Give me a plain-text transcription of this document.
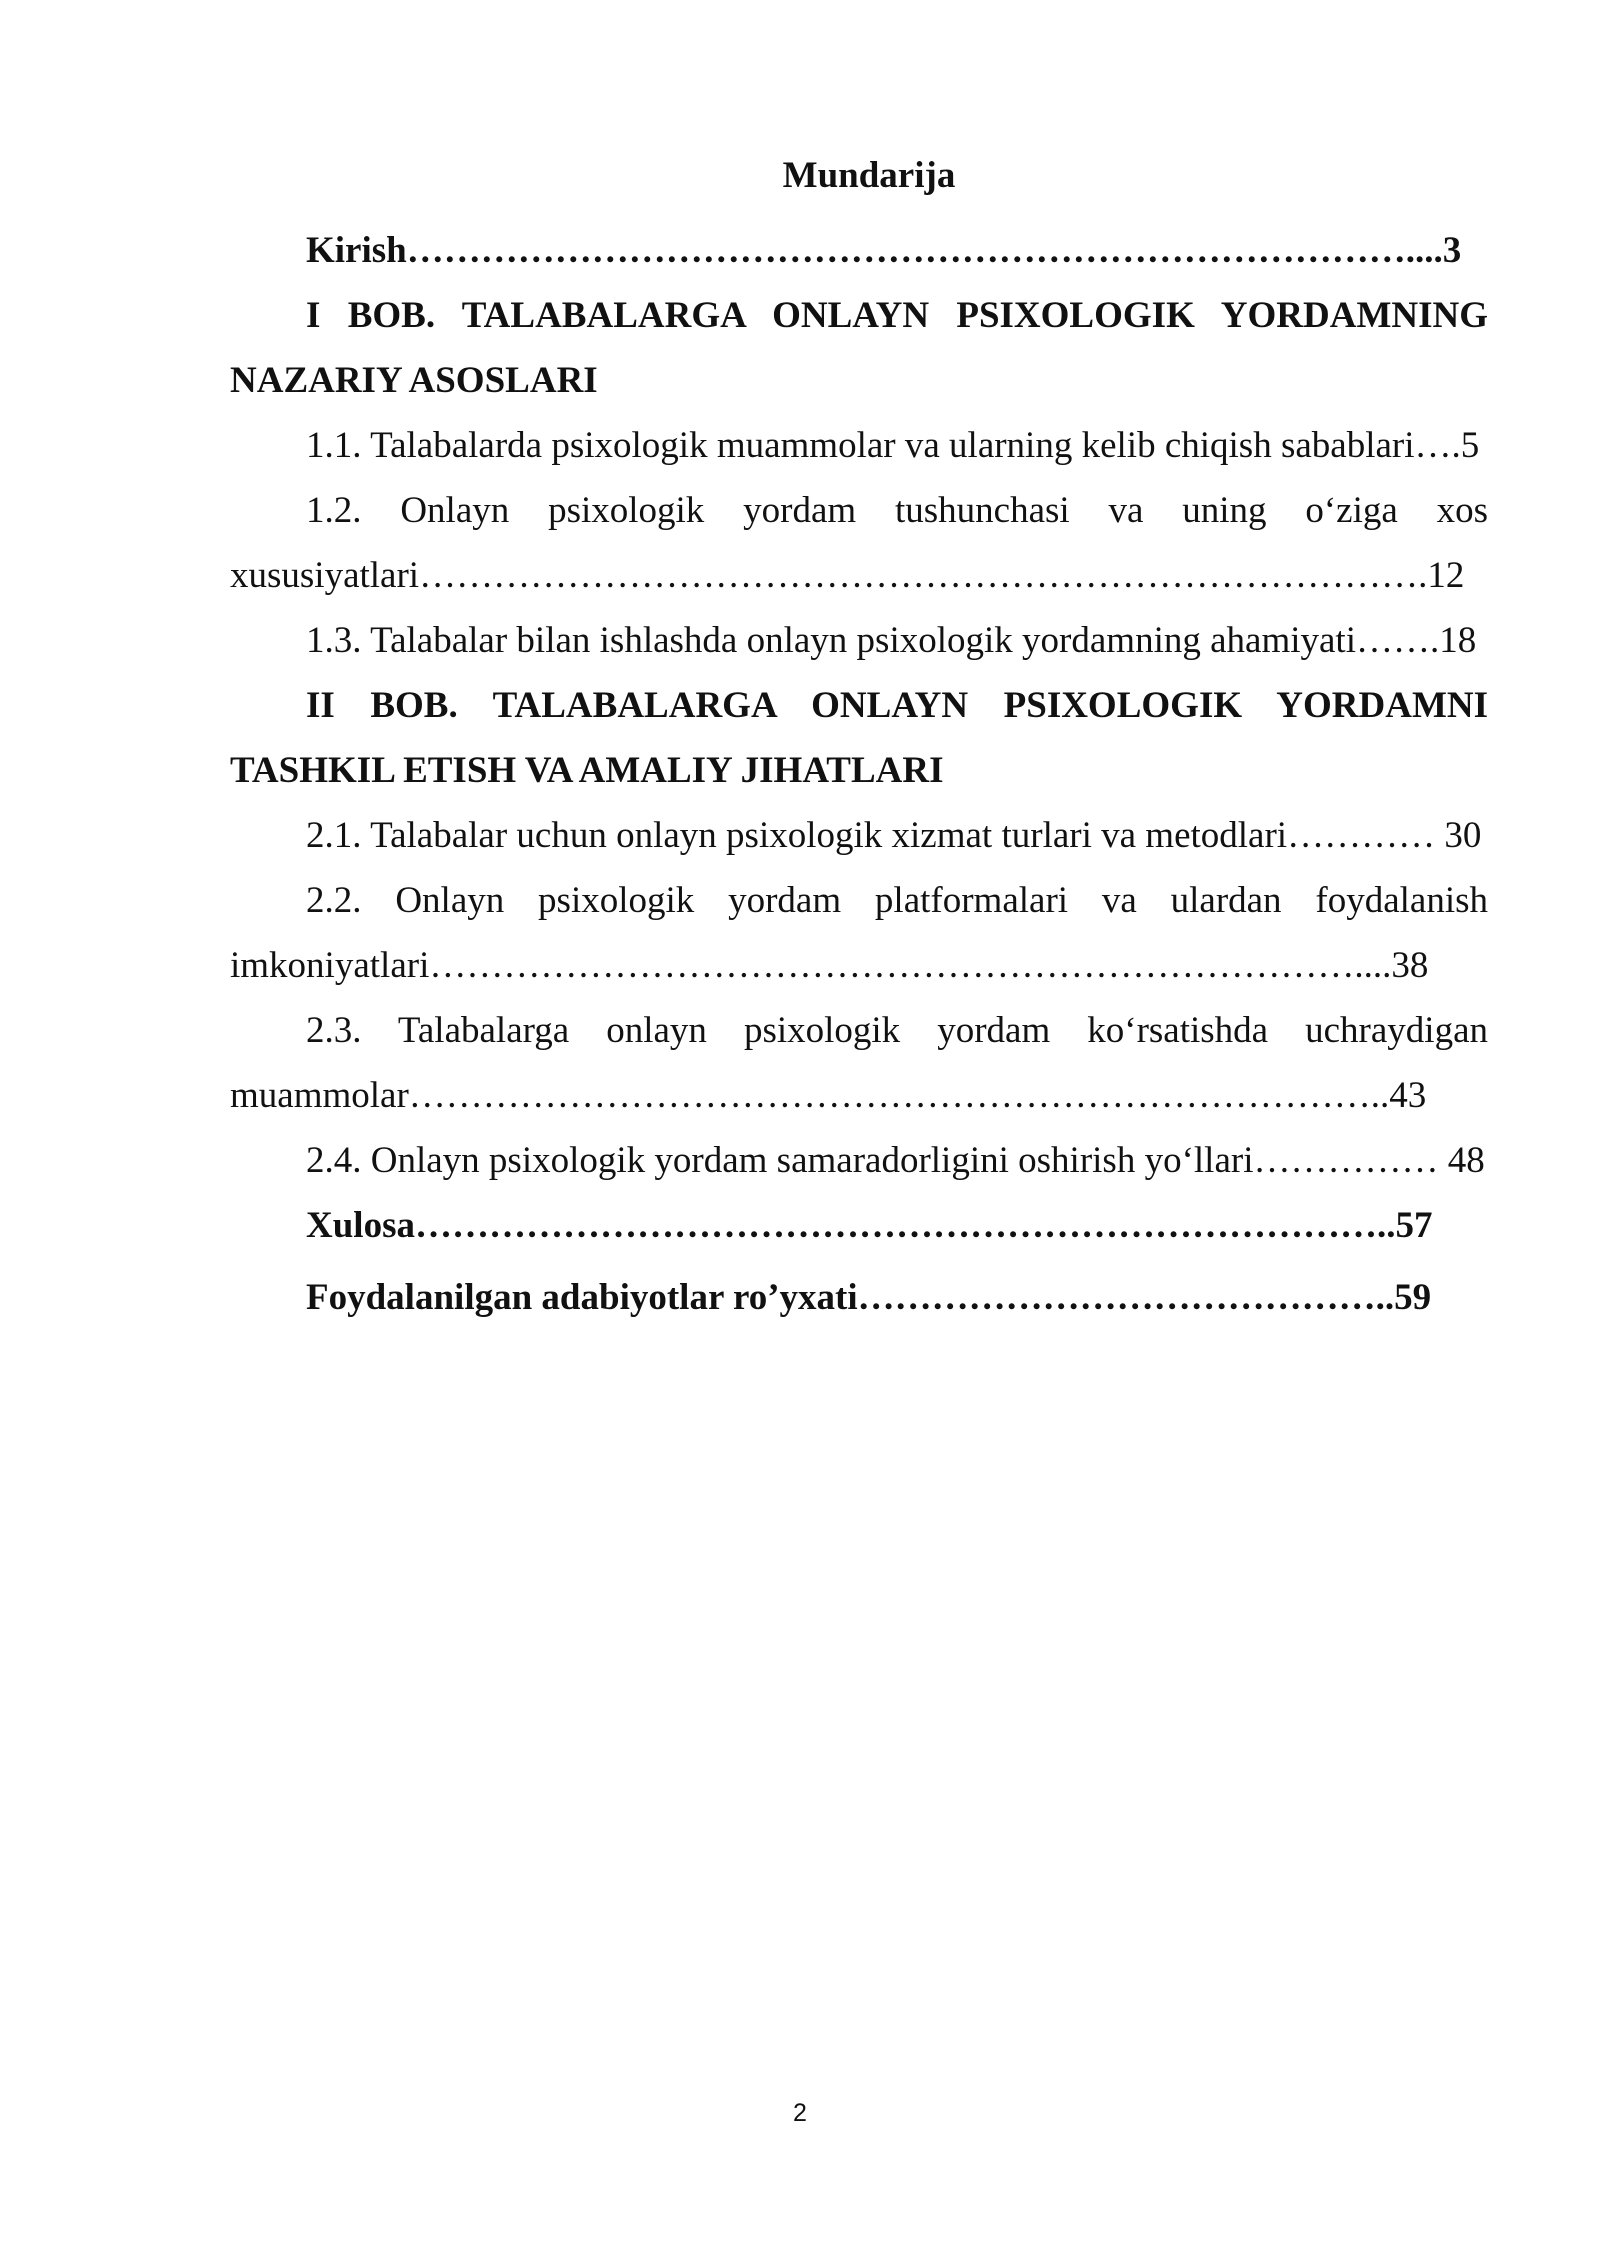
Mundarija

Kirish………………………………………………………………………....3

I BOB. TALABALARGA ONLAYN PSIXOLOGIK YORDAMNING NAZARIY ASOSLARI

1.1. Talabalarda psixologik muammolar va ularning kelib chiqish sabablari….5

1.2. Onlayn psixologik yordam tushunchasi va uning o‘ziga xos xususiyatlari……………………………………………………………………….12

1.3. Talabalar bilan ishlashda onlayn psixologik yordamning ahamiyati…….18

II BOB. TALABALARGA ONLAYN PSIXOLOGIK YORDAMNI TASHKIL ETISH VA AMALIY JIHATLARI

2.1. Talabalar uchun onlayn psixologik xizmat turlari va metodlari………… 30

2.2. Onlayn psixologik yordam platformalari va ulardan foydalanish imkoniyatlari…………………………………………………………………....38

2.3. Talabalarga onlayn psixologik yordam ko‘rsatishda uchraydigan muammolar……………………………………………………………………..43

2.4. Onlayn psixologik yordam samaradorligini oshirish yo‘llari…………… 48

Xulosa……………………………………………………………………..57

Foydalanilgan adabiyotlar ro’yxati……………………………………..59

2
